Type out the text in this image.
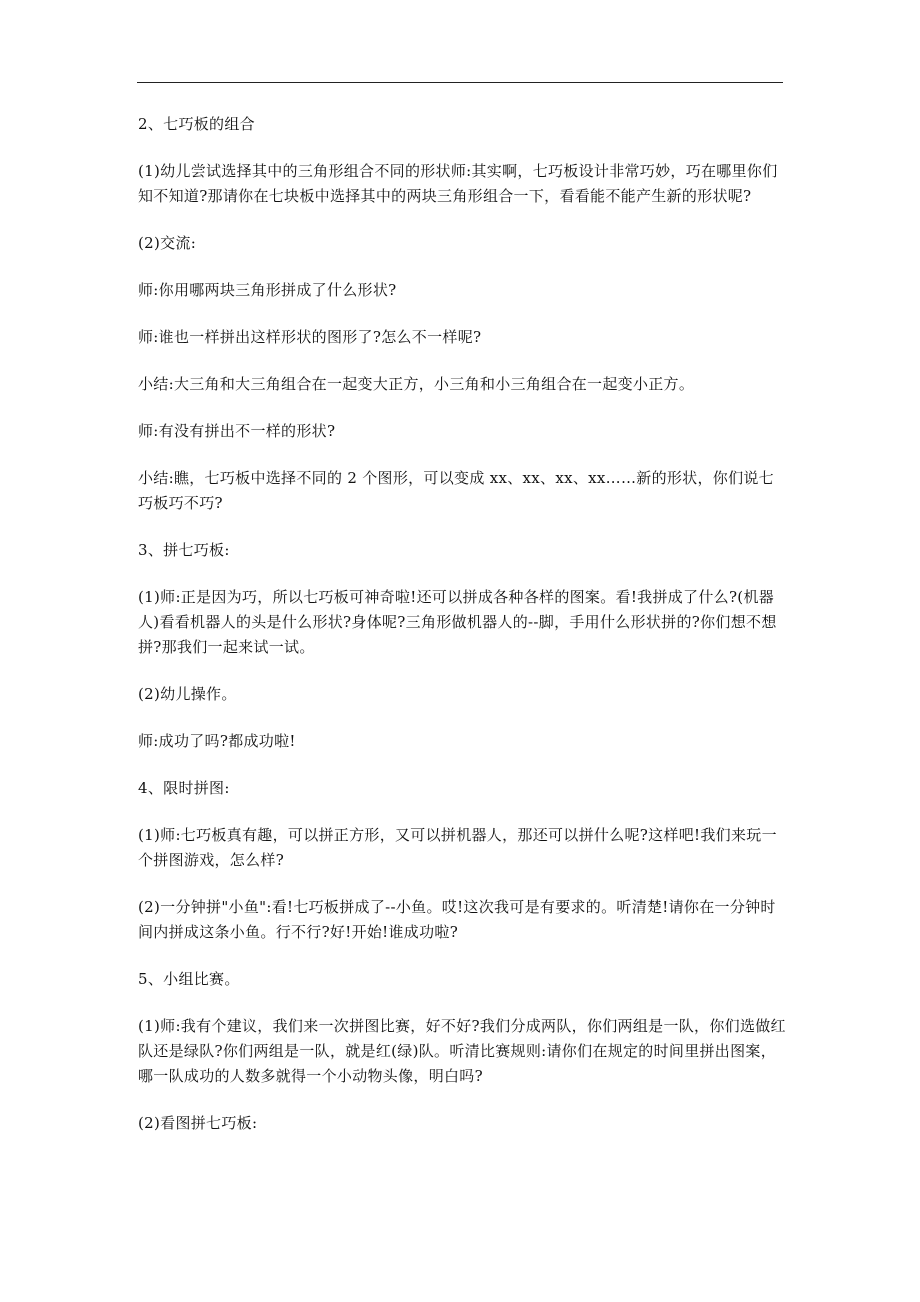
2、七巧板的组合

(1)幼儿尝试选择其中的三角形组合不同的形状师:其实啊，七巧板设计非常巧妙，巧在哪里你们知不知道?那请你在七块板中选择其中的两块三角形组合一下，看看能不能产生新的形状呢?

(2)交流:

师:你用哪两块三角形拼成了什么形状?

师:谁也一样拼出这样形状的图形了?怎么不一样呢?

小结:大三角和大三角组合在一起变大正方，小三角和小三角组合在一起变小正方。

师:有没有拼出不一样的形状?

小结:瞧，七巧板中选择不同的 2 个图形，可以变成 xx、xx、xx、xx……新的形状，你们说七巧板巧不巧?

3、拼七巧板:

(1)师:正是因为巧，所以七巧板可神奇啦!还可以拼成各种各样的图案。看!我拼成了什么?(机器人)看看机器人的头是什么形状?身体呢?三角形做机器人的--脚，手用什么形状拼的?你们想不想拼?那我们一起来试一试。

(2)幼儿操作。

师:成功了吗?都成功啦!

4、限时拼图:

(1)师:七巧板真有趣，可以拼正方形，又可以拼机器人，那还可以拼什么呢?这样吧!我们来玩一个拼图游戏，怎么样?

(2)一分钟拼"小鱼":看!七巧板拼成了--小鱼。哎!这次我可是有要求的。听清楚!请你在一分钟时间内拼成这条小鱼。行不行?好!开始!谁成功啦?

5、小组比赛。

(1)师:我有个建议，我们来一次拼图比赛，好不好?我们分成两队，你们两组是一队，你们选做红队还是绿队?你们两组是一队，就是红(绿)队。听清比赛规则:请你们在规定的时间里拼出图案，哪一队成功的人数多就得一个小动物头像，明白吗?

(2)看图拼七巧板:
